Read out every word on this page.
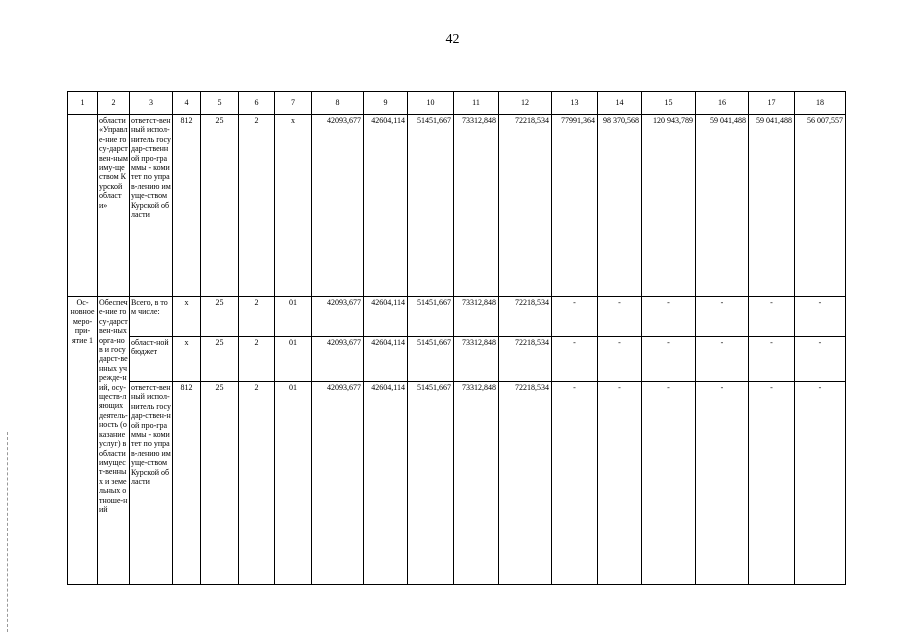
42
1	2	3	4	5	6	7	8	9	10	11	12	13	14	15	16	17	18
	области «Управле-ние госу-дарствен-ным иму-ществом Курской области»	ответст-венный испол-нитель государ-ственной про-граммы - комитет по управ-лению имуще-ством Курской области	812	25	2	х	42093,677	42604,114	51451,667	73312,848	72218,534	77991,364	98 370,568	120 943,789	59 041,488	59 041,488	56 007,557
Ос-новное меро-при-ятие 1	Обеспече-ние госу-дарствен-ных орга-нов и государст-венных учрежде-ний, осу-ществ-ляющих деятель-ность (оказание услуг) в области имущест-венных и земельных отноше-ний	Всего, в том числе:	х	25	2	01	42093,677	42604,114	51451,667	73312,848	72218,534	-	-	-	-	-	-
		област-ной бюджет	х	25	2	01	42093,677	42604,114	51451,667	73312,848	72218,534	-	-	-	-	-	-
		ответст-венный испол-нитель государ-ствен-ной про-граммы - комитет по управ-лению имуще-ством Курской области	812	25	2	01	42093,677	42604,114	51451,667	73312,848	72218,534	-	-	-	-	-	-
